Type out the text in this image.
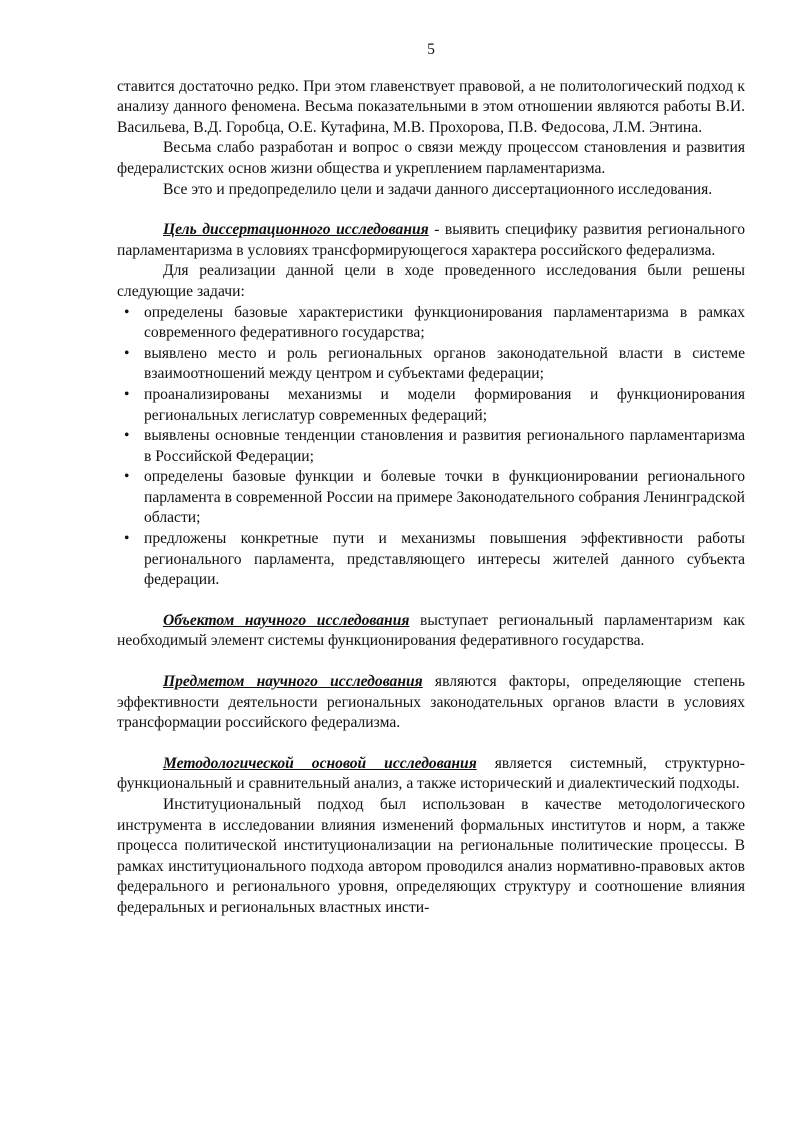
5

ставится достаточно редко. При этом главенствует правовой, а не политологический подход к анализу данного феномена. Весьма показательными в этом отношении являются работы В.И. Васильева, В.Д. Горобца, О.Е. Кутафина, М.В. Прохорова, П.В. Федосова, Л.М. Энтина.

Весьма слабо разработан и вопрос о связи между процессом становления и развития федералистских основ жизни общества и укреплением парламентаризма.

Все это и предопределило цели и задачи данного диссертационного исследования.

Цель диссертационного исследования - выявить специфику развития регионального парламентаризма в условиях трансформирующегося характера российского федерализма.

Для реализации данной цели в ходе проведенного исследования были решены следующие задачи:

• определены базовые характеристики функционирования парламентаризма в рамках современного федеративного государства;
• выявлено место и роль региональных органов законодательной власти в системе взаимоотношений между центром и субъектами федерации;
• проанализированы механизмы и модели формирования и функционирования региональных легислатур современных федераций;
• выявлены основные тенденции становления и развития регионального парламентаризма в Российской Федерации;
• определены базовые функции и болевые точки в функционировании регионального парламента в современной России на примере Законодательного собрания Ленинградской области;
• предложены конкретные пути и механизмы повышения эффективности работы регионального парламента, представляющего интересы жителей данного субъекта федерации.

Объектом научного исследования выступает региональный парламентаризм как необходимый элемент системы функционирования федеративного государства.

Предметом научного исследования являются факторы, определяющие степень эффективности деятельности региональных законодательных органов власти в условиях трансформации российского федерализма.

Методологической основой исследования является системный, структурно-функциональный и сравнительный анализ, а также исторический и диалектический подходы.

Институциональный подход был использован в качестве методологического инструмента в исследовании влияния изменений формальных институтов и норм, а также процесса политической институционализации на региональные политические процессы. В рамках институционального подхода автором проводился анализ нормативно-правовых актов федерального и регионального уровня, определяющих структуру и соотношение влияния федеральных и региональных властных инсти-
